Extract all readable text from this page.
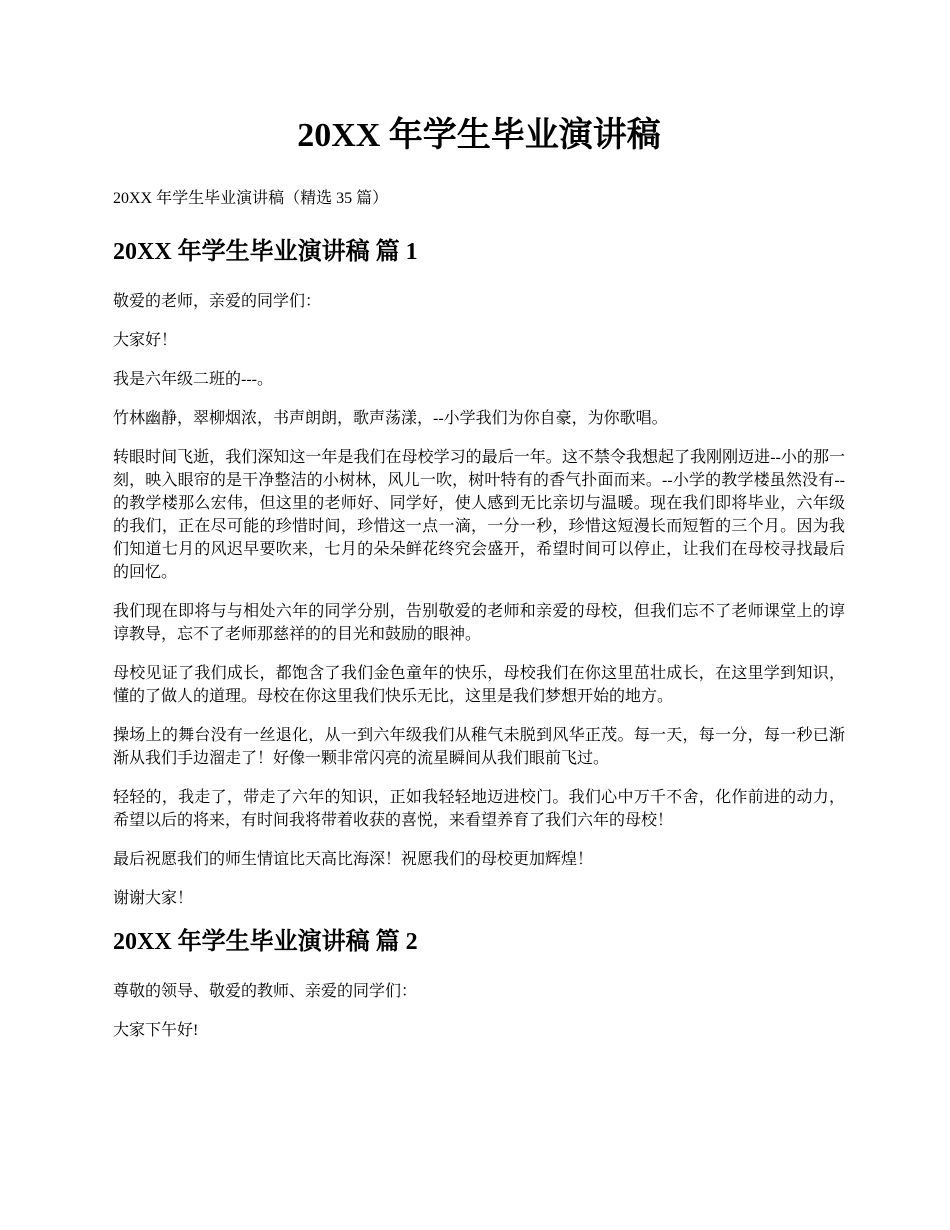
20XX 年学生毕业演讲稿

20XX 年学生毕业演讲稿（精选 35 篇）

20XX 年学生毕业演讲稿 篇 1

敬爱的老师，亲爱的同学们：

大家好！

我是六年级二班的---。

竹林幽静，翠柳烟浓，书声朗朗，歌声荡漾，--小学我们为你自豪，为你歌唱。

转眼时间飞逝，我们深知这一年是我们在母校学习的最后一年。这不禁令我想起了我刚刚迈进--小的那一刻，映入眼帘的是干净整洁的小树林，风儿一吹，树叶特有的香气扑面而来。--小学的教学楼虽然没有--的教学楼那么宏伟，但这里的老师好、同学好，使人感到无比亲切与温暖。现在我们即将毕业，六年级的我们，正在尽可能的珍惜时间，珍惜这一点一滴，一分一秒，珍惜这短漫长而短暂的三个月。因为我们知道七月的风迟早要吹来，七月的朵朵鲜花终究会盛开，希望时间可以停止，让我们在母校寻找最后的回忆。

我们现在即将与与相处六年的同学分别，告别敬爱的老师和亲爱的母校，但我们忘不了老师课堂上的谆谆教导，忘不了老师那慈祥的的目光和鼓励的眼神。

母校见证了我们成长，都饱含了我们金色童年的快乐，母校我们在你这里茁壮成长，在这里学到知识，懂的了做人的道理。母校在你这里我们快乐无比，这里是我们梦想开始的地方。

操场上的舞台没有一丝退化，从一到六年级我们从稚气未脱到风华正茂。每一天，每一分，每一秒已渐渐从我们手边溜走了！好像一颗非常闪亮的流星瞬间从我们眼前飞过。

轻轻的，我走了，带走了六年的知识，正如我轻轻地迈进校门。我们心中万千不舍，化作前进的动力，希望以后的将来，有时间我将带着收获的喜悦，来看望养育了我们六年的母校！

最后祝愿我们的师生情谊比天高比海深！祝愿我们的母校更加辉煌！

谢谢大家！

20XX 年学生毕业演讲稿 篇 2

尊敬的领导、敬爱的教师、亲爱的同学们：

大家下午好!
